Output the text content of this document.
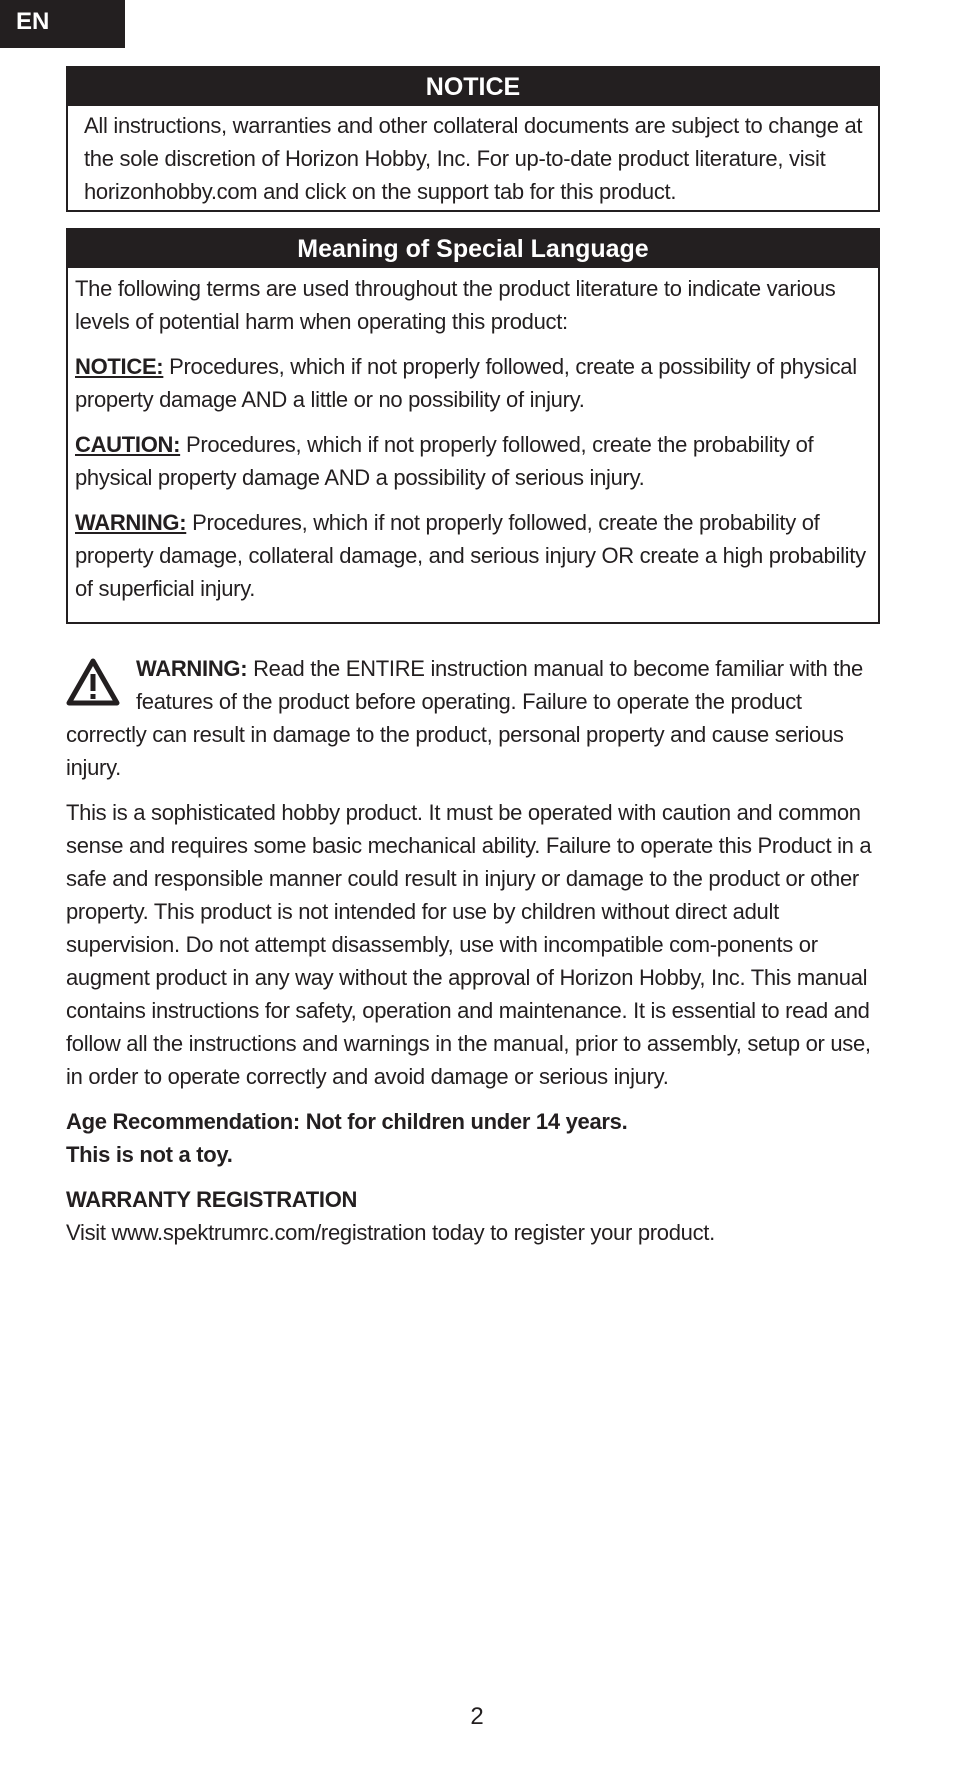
EN
NOTICE
All instructions, warranties and other collateral documents are subject to change at the sole discretion of Horizon Hobby, Inc. For up-to-date product literature, visit horizonhobby.com and click on the support tab for this product.
Meaning of Special Language

The following terms are used throughout the product literature to indicate various levels of potential harm when operating this product:

NOTICE: Procedures, which if not properly followed, create a possibility of physical property damage AND a little or no possibility of injury.

CAUTION: Procedures, which if not properly followed, create the probability of physical property damage AND a possibility of serious injury.

WARNING: Procedures, which if not properly followed, create the probability of property damage, collateral damage, and serious injury OR create a high probability of superficial injury.

WARNING: Read the ENTIRE instruction manual to become familiar with the features of the product before operating. Failure to operate the product correctly can result in damage to the product, personal property and cause serious injury.

This is a sophisticated hobby product. It must be operated with caution and common sense and requires some basic mechanical ability. Failure to operate this Product in a safe and responsible manner could result in injury or damage to the product or other property. This product is not intended for use by children without direct adult supervision. Do not attempt disassembly, use with incompatible com-ponents or augment product in any way without the approval of Horizon Hobby, Inc. This manual contains instructions for safety, operation and maintenance. It is essential to read and follow all the instructions and warnings in the manual, prior to assembly, setup or use, in order to operate correctly and avoid damage or serious injury.

Age Recommendation: Not for children under 14 years.
This is not a toy.
WARRANTY REGISTRATION
Visit www.spektrumrc.com/registration today to register your product.
2
